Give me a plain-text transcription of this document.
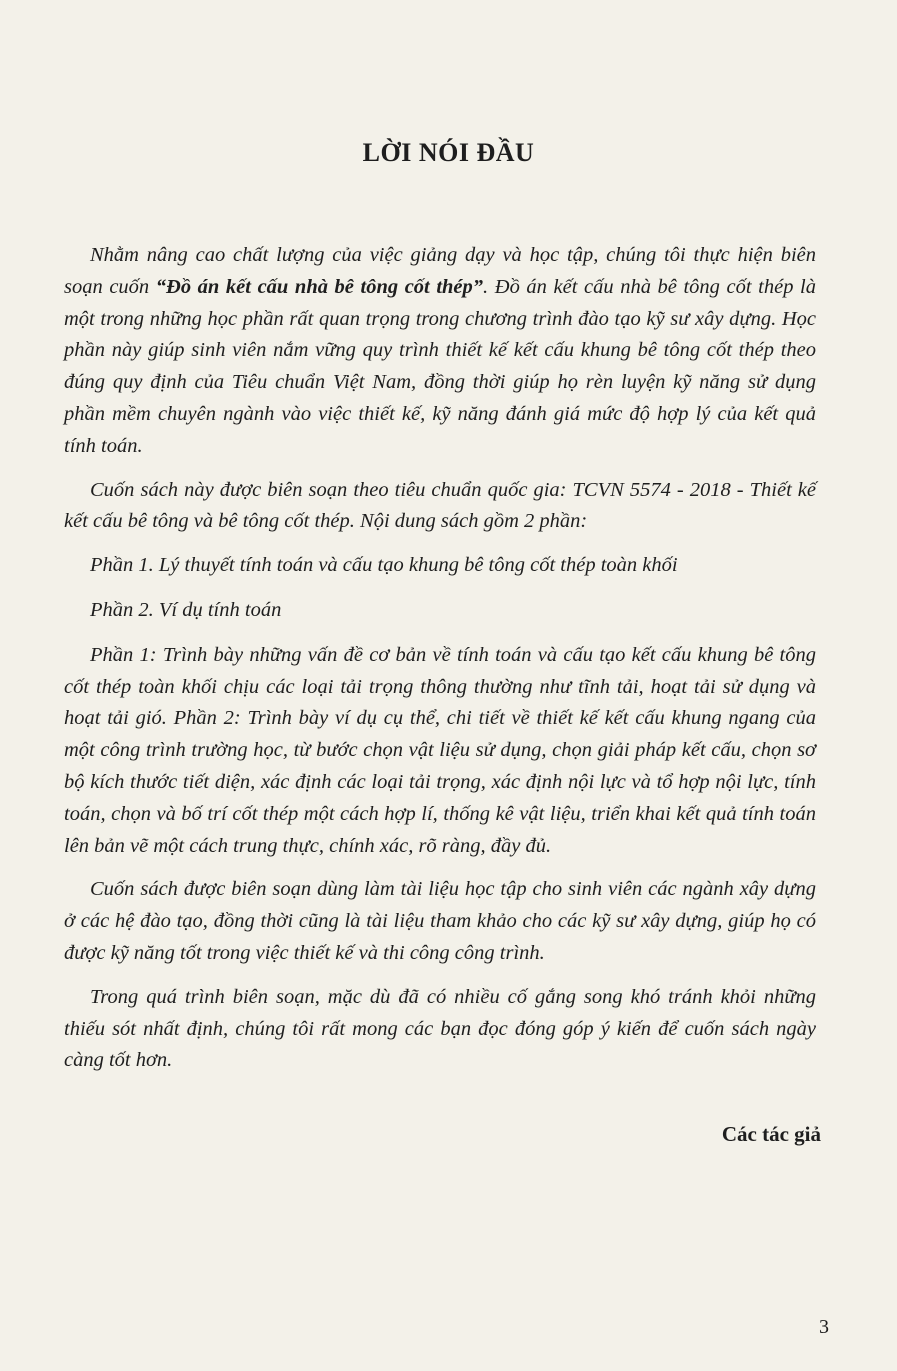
LỜI NÓI ĐẦU

Nhằm nâng cao chất lượng của việc giảng dạy và học tập, chúng tôi thực hiện biên soạn cuốn “Đồ án kết cấu nhà bê tông cốt thép”. Đồ án kết cấu nhà bê tông cốt thép là một trong những học phần rất quan trọng trong chương trình đào tạo kỹ sư xây dựng. Học phần này giúp sinh viên nắm vững quy trình thiết kế kết cấu khung bê tông cốt thép theo đúng quy định của Tiêu chuẩn Việt Nam, đồng thời giúp họ rèn luyện kỹ năng sử dụng phần mềm chuyên ngành vào việc thiết kế, kỹ năng đánh giá mức độ hợp lý của kết quả tính toán.

Cuốn sách này được biên soạn theo tiêu chuẩn quốc gia: TCVN 5574 - 2018 - Thiết kế kết cấu bê tông và bê tông cốt thép. Nội dung sách gồm 2 phần:

Phần 1. Lý thuyết tính toán và cấu tạo khung bê tông cốt thép toàn khối

Phần 2. Ví dụ tính toán

Phần 1: Trình bày những vấn đề cơ bản về tính toán và cấu tạo kết cấu khung bê tông cốt thép toàn khối chịu các loại tải trọng thông thường như tĩnh tải, hoạt tải sử dụng và hoạt tải gió. Phần 2: Trình bày ví dụ cụ thể, chi tiết về thiết kế kết cấu khung ngang của một công trình trường học, từ bước chọn vật liệu sử dụng, chọn giải pháp kết cấu, chọn sơ bộ kích thước tiết diện, xác định các loại tải trọng, xác định nội lực và tổ hợp nội lực, tính toán, chọn và bố trí cốt thép một cách hợp lí, thống kê vật liệu, triển khai kết quả tính toán lên bản vẽ một cách trung thực, chính xác, rõ ràng, đầy đủ.

Cuốn sách được biên soạn dùng làm tài liệu học tập cho sinh viên các ngành xây dựng ở các hệ đào tạo, đồng thời cũng là tài liệu tham khảo cho các kỹ sư xây dựng, giúp họ có được kỹ năng tốt trong việc thiết kế và thi công công trình.

Trong quá trình biên soạn, mặc dù đã có nhiều cố gắng song khó tránh khỏi những thiếu sót nhất định, chúng tôi rất mong các bạn đọc đóng góp ý kiến để cuốn sách ngày càng tốt hơn.

Các tác giả
3
